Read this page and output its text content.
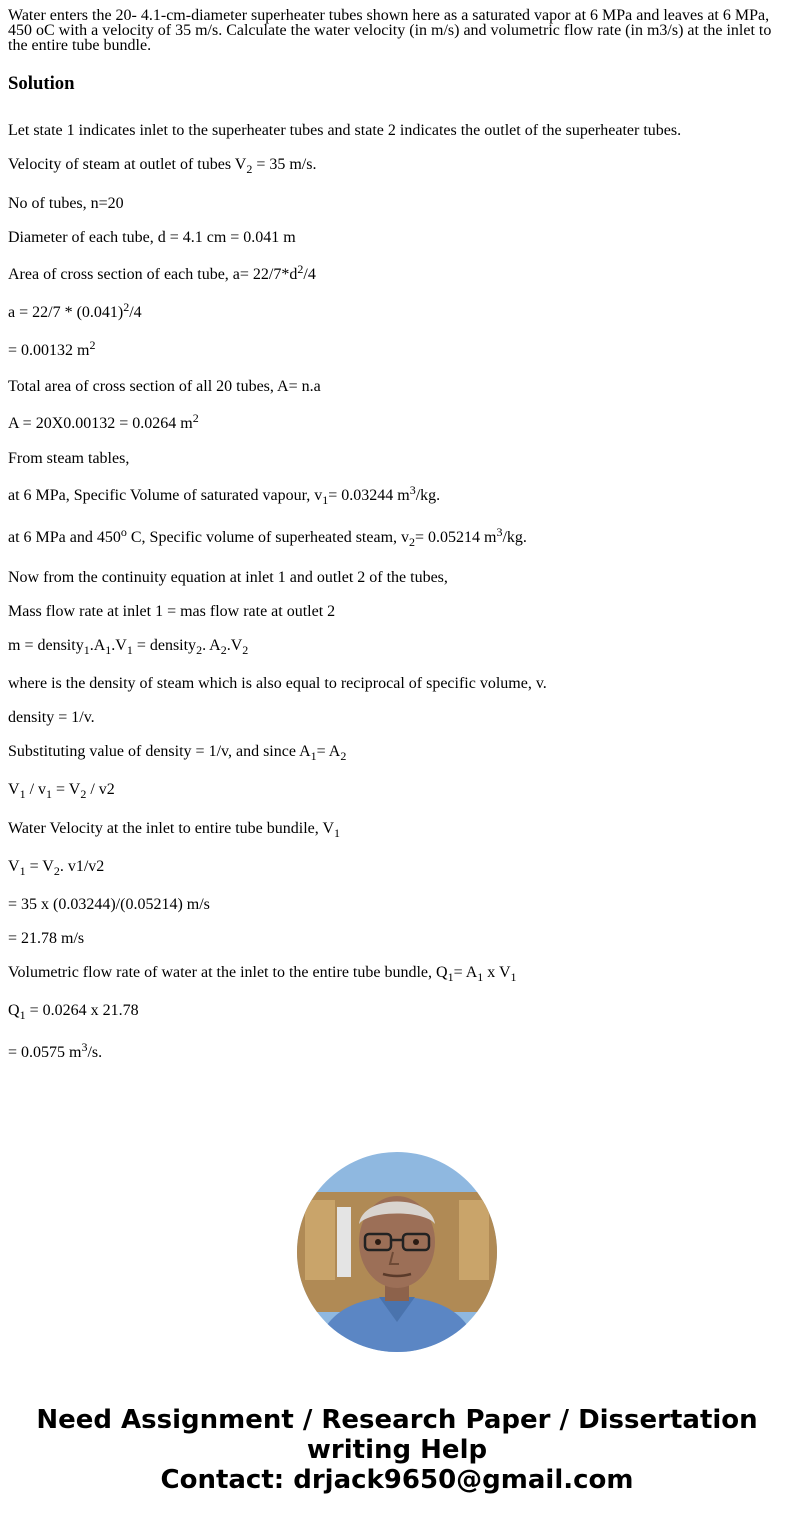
Water enters the 20- 4.1-cm-diameter superheater tubes shown here as a saturated vapor at 6 MPa and leaves at 6 MPa, 450 oC with a velocity of 35 m/s. Calculate the water velocity (in m/s) and volumetric flow rate (in m3/s) at the inlet to the entire tube bundle.

Solution

Let state 1 indicates inlet to the superheater tubes and state 2 indicates the outlet of the superheater tubes.

Velocity of steam at outlet of tubes $V_2 = 35$ m/s.

No of tubes, n=20

Diameter of each tube, d = 4.1 cm = 0.041 m

Area of cross section of each tube, $a= 22/7*d^2/4$

$a = 22/7 * (0.041)^2/4$

= 0.00132 $m^2$

Total area of cross section of all 20 tubes, A= n.a

A = 20X0.00132 = 0.0264 $m^2$

From steam tables,

at 6 MPa, Specific Volume of saturated vapour, $v_1= 0.03244$ $m^3/kg$.

at 6 MPa and 450$^o$ C, Specific volume of superheated steam, $v_2= 0.05214$ $m^3/kg$.

Now from the continuity equation at inlet 1 and outlet 2 of the tubes,

Mass flow rate at inlet 1 = mas flow rate at outlet 2

$m = density_1.A_1.V_1$ = density$_2$. $A_2.V_2$

where is the density of steam which is also equal to reciprocal of specific volume, v.

density = 1/v.

Substituting value of density = 1/v, and since $A_1= A_2$

$V_1 / v_1 = V_2 / v2$

Water Velocity at the inlet to entire tube bundile, $V_1$

$V_1 = V_2$. v1/v2

= 35 x (0.03244)/(0.05214) m/s

= 21.78 m/s

Volumetric flow rate of water at the inlet to the entire tube bundle, $Q_1= A_1$ x $V_1$

$Q_1 = 0.0264$ x 21.78

= 0.0575 $m^3/s$.

Need Assignment / Research Paper / Dissertation
writing Help
Contact: drjack9650@gmail.com
